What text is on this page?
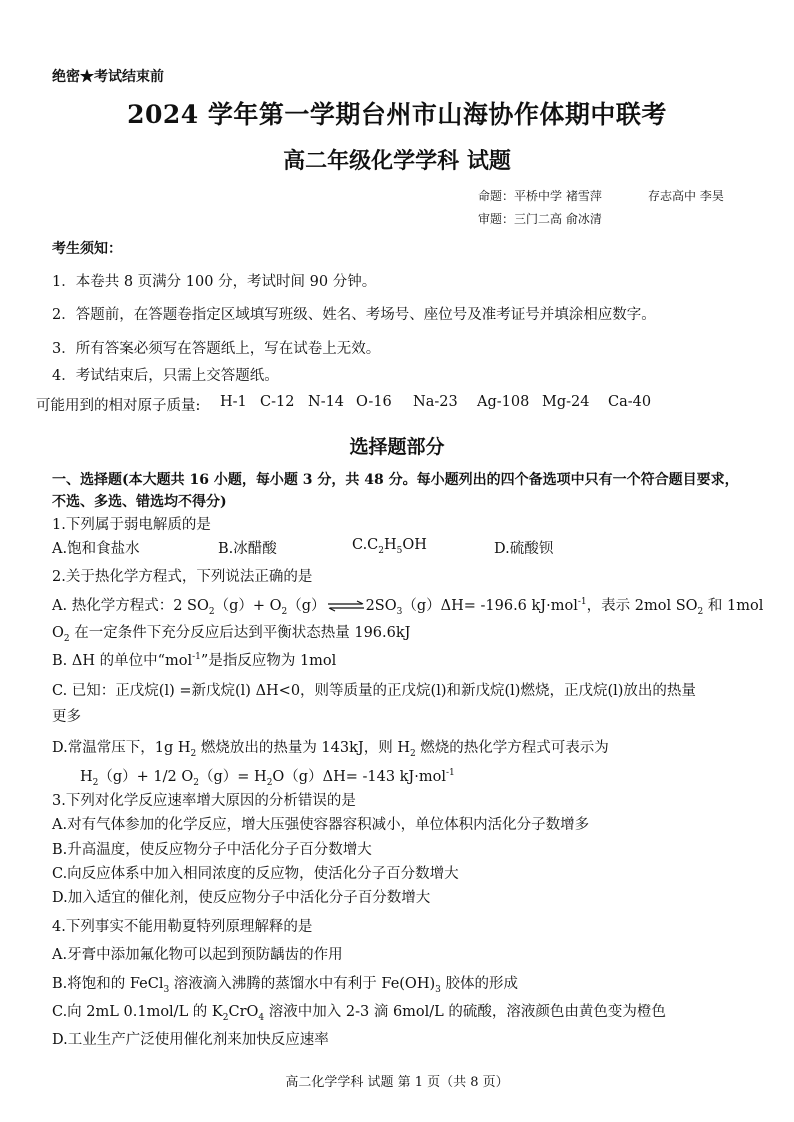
绝密★考试结束前
2024 学年第一学期台州市山海协作体期中联考
高二年级化学学科 试题
命题：平桥中学 褚雪萍	存志高中 李昊
审题：三门二高 俞冰清
考生须知：
1．本卷共 8 页满分 100 分，考试时间 90 分钟。
2．答题前，在答题卷指定区域填写班级、姓名、考场号、座位号及准考证号并填涂相应数字。
3．所有答案必须写在答题纸上，写在试卷上无效。
4．考试结束后，只需上交答题纸。
可能用到的相对原子质量: H-1 C-12 N-14 O-16 Na-23 Ag-108 Mg-24 Ca-40
选择题部分
一、选择题(本大题共 16 小题，每小题 3 分，共 48 分。每小题列出的四个备选项中只有一个符合题目要求，不选、多选、错选均不得分)
1.下列属于弱电解质的是
A.饱和食盐水	B.冰醋酸	$C.C_2H_5OH$	D.硫酸钡
2.关于热化学方程式，下列说法正确的是
A. 热化学方程式：2 $SO_2(g)+$ $O_2(g)\rightleftharpoons 2SO_3(g)\Delta H= -196.6$ kJ·mol$^{-1}$，表示 2mol $SO_2$ 和 1mol
$O_2$ 在一定条件下充分反应后达到平衡状态热量 196.6kJ
B. ΔH 的单位中“mol$^{-1}$”是指反应物为 1mol
C. 已知：正戊烷(l) =新戊烷(l) ΔH<0，则等质量的正戊烷(l)和新戊烷(l)燃烧，正戊烷(l)放出的热量
更多
D.常温常压下，1g $H_2$ 燃烧放出的热量为 143kJ，则 $H_2$ 燃烧的热化学方程式可表示为
$H_2(g)+ 1/2$ $O_2(g)= H_2O(g)\Delta H= -143$ kJ·mol$^{-1}$
3.下列对化学反应速率增大原因的分析错误的是
A.对有气体参加的化学反应，增大压强使容器容积减小，单位体积内活化分子数增多
B.升高温度，使反应物分子中活化分子百分数增大
C.向反应体系中加入相同浓度的反应物，使活化分子百分数增大
D.加入适宜的催化剂，使反应物分子中活化分子百分数增大
4.下列事实不能用勒夏特列原理解释的是
A.牙膏中添加氟化物可以起到预防龋齿的作用
B.将饱和的 FeCl$_3$ 溶液滴入沸腾的蒸馏水中有利于 $Fe(OH)_3$ 胶体的形成
C.向 2mL 0.1mol/L 的 $K_2CrO_4$ 溶液中加入 2-3 滴 6mol/L 的硫酸，溶液颜色由黄色变为橙色
D.工业生产广泛使用催化剂来加快反应速率
高二化学学科 试题 第 1 页（共 8 页）
